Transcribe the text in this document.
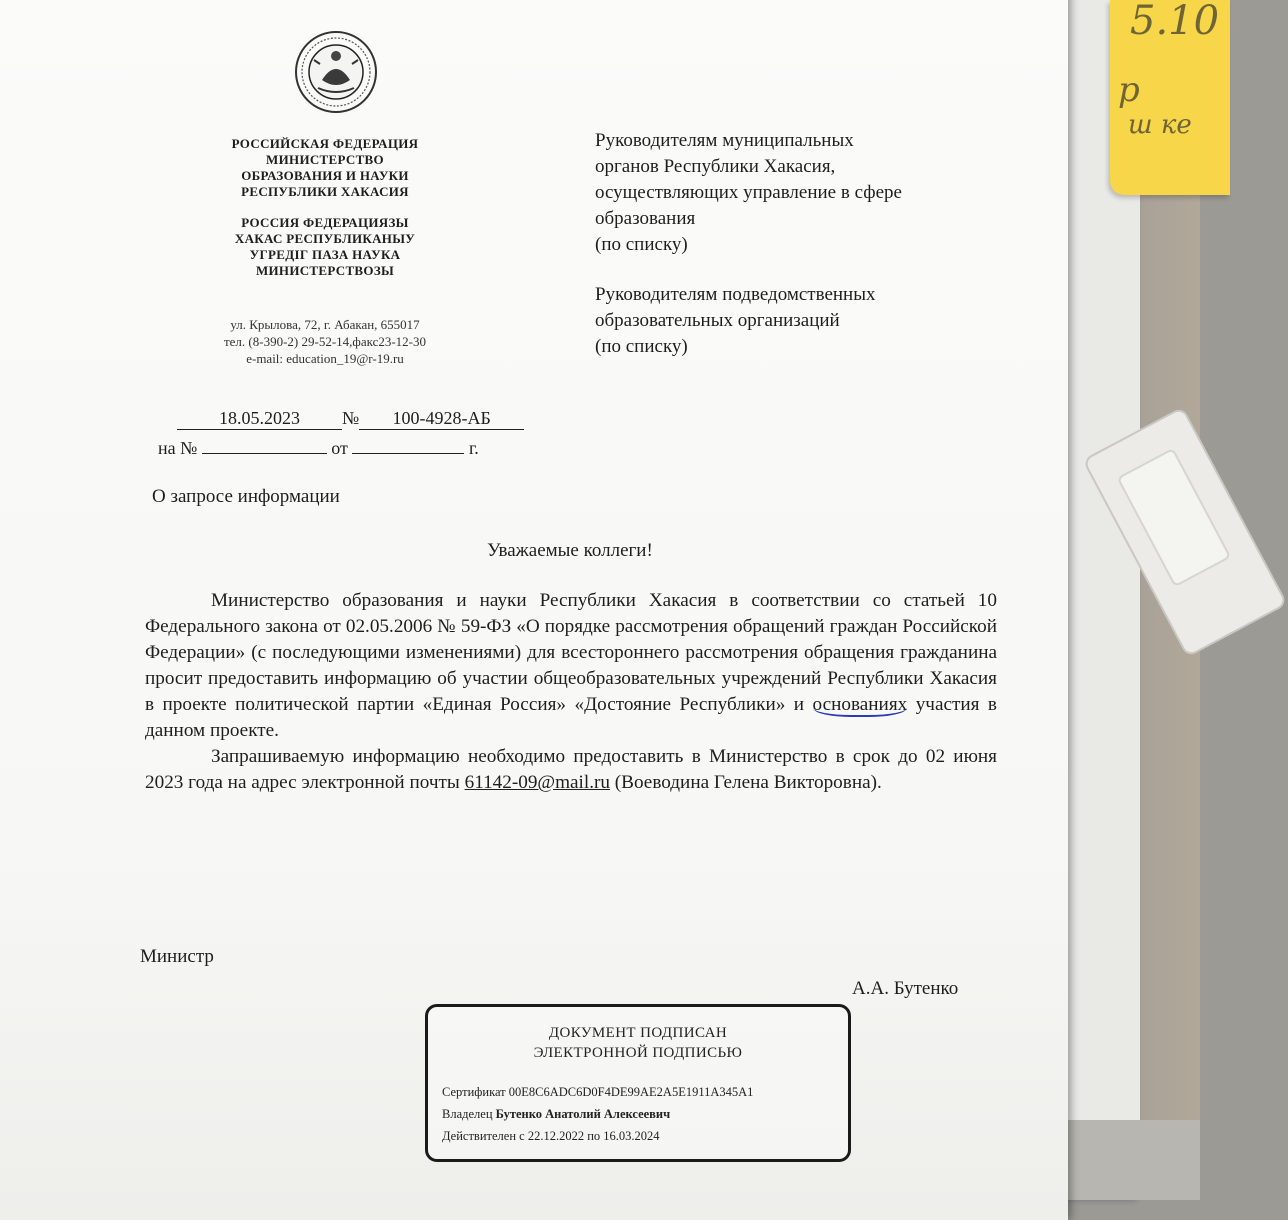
5.10
р
ш ке
РОССИЙСКАЯ ФЕДЕРАЦИЯ
МИНИСТЕРСТВО
ОБРАЗОВАНИЯ И НАУКИ
РЕСПУБЛИКИ ХАКАСИЯ
РОССИЯ ФЕДЕРАЦИЯЗЫ
ХАКАС РЕСПУБЛИКАНЫУ
УГРЕДIГ ПАЗА НАУКА
МИНИСТЕРСТВОЗЫ
ул. Крылова, 72, г. Абакан, 655017
тел. (8-390-2) 29-52-14,факс23-12-30
e-mail: education_19@r-19.ru
Руководителям муниципальных
органов Республики Хакасия,
осуществляющих управление в сфере
образования
(по списку)
Руководителям подведомственных
образовательных организаций
(по списку)
18.05.2023 № 100-4928-АБ
на №	от	г.
О запросе информации
Уважаемые коллеги!

Министерство образования и науки Республики Хакасия в соответствии со статьей 10 Федерального закона от 02.05.2006 № 59-ФЗ «О порядке рассмотрения обращений граждан Российской Федерации» (с последующими изменениями) для всестороннего рассмотрения обращения гражданина просит предоставить информацию об участии общеобразовательных учреждений Республики Хакасия в проекте политической партии «Единая Россия» «Достояние Республики» и основаниях участия в данном проекте.

Запрашиваемую информацию необходимо предоставить в Министерство в срок до 02 июня 2023 года на адрес электронной почты 61142-09@mail.ru (Воеводина Гелена Викторовна).

Министр
А.А. Бутенко
ДОКУМЕНТ ПОДПИСАН
ЭЛЕКТРОННОЙ ПОДПИСЬЮ
Сертификат 00E8C6ADC6D0F4DE99AE2A5E1911A345A1
Владелец Бутенко Анатолий Алексеевич
Действителен с 22.12.2022 по 16.03.2024
